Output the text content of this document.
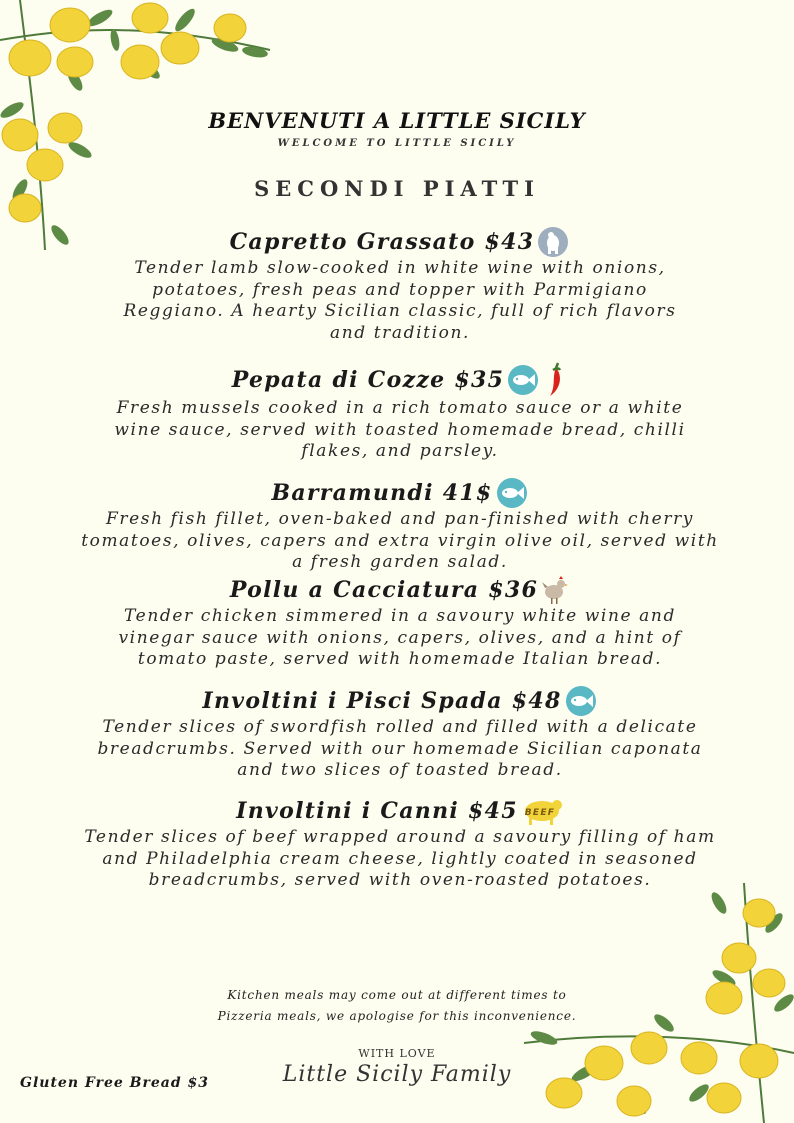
BENVENUTI A LITTLE SICILY
WELCOME TO LITTLE SICILY
SECONDI PIATTI
Capretto Grassato $43
Tender lamb slow-cooked in white wine with onions, potatoes, fresh peas and topper with Parmigiano Reggiano. A hearty Sicilian classic, full of rich flavors and tradition.
Pepata di Cozze $35
Fresh mussels cooked in a rich tomato sauce or a white wine sauce, served with toasted homemade bread, chilli flakes, and parsley.
Barramundi 41$
Fresh fish fillet, oven-baked and pan-finished with cherry tomatoes, olives, capers and extra virgin olive oil, served with a fresh garden salad.
Pollu a Cacciatura $36
Tender chicken simmered in a savoury white wine and vinegar sauce with onions, capers, olives, and a hint of tomato paste, served with homemade Italian bread.
Involtini i Pisci Spada $48
Tender slices of swordfish rolled and filled with a delicate breadcrumbs. Served with our homemade Sicilian caponata and two slices of toasted bread.
Involtini i Canni $45 BEEF
Tender slices of beef wrapped around a savoury filling of ham and Philadelphia cream cheese, lightly coated in seasoned breadcrumbs, served with oven-roasted potatoes.
Kitchen meals may come out at different times to
Pizzeria meals, we apologise for this inconvenience.
WITH LOVE
Little Sicily Family
Gluten Free Bread $3
